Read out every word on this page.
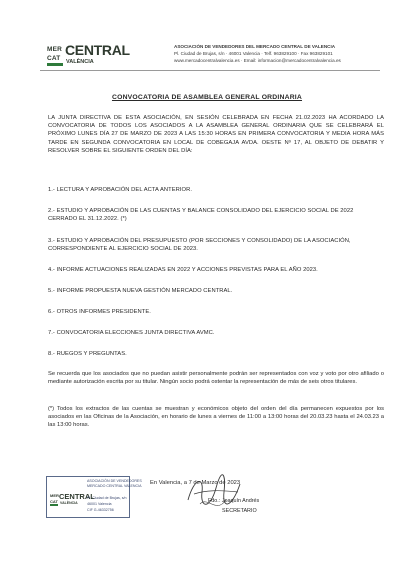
MER
CAT
CENTRAL
VALÈNCIA
ASOCIACIÓN DE VENDEDORES DEL MERCADO CENTRAL DE VALENCIA
Pl. Ciudad de Brujas, s/n · 46001 Valencia · Telf. 963829100 · Fax 963829101
www.mercadocentralvalencia.es · Email: informacion@mercadocentralvalencia.es
CONVOCATORIA DE ASAMBLEA GENERAL ORDINARIA
LA JUNTA DIRECTIVA DE ESTA ASOCIACIÓN, EN SESIÓN CELEBRADA EN FECHA 21.02.2023 HA ACORDADO LA CONVOCATORIA DE TODOS LOS ASOCIADOS A LA ASAMBLEA GENERAL ORDINARIA QUE SE CELEBRARÁ EL PRÓXIMO LUNES DÍA 27 DE MARZO DE 2023 A LAS 15:30 HORAS EN PRIMERA CONVOCATORIA Y MEDIA HORA MÁS TARDE EN SEGUNDA CONVOCATORIA EN LOCAL DE COBEGAJA AVDA. OESTE Nº 17, AL OBJETO DE DEBATIR Y RESOLVER SOBRE EL SIGUIENTE ORDEN DEL DÍA:
1.- LECTURA Y APROBACIÓN DEL ACTA ANTERIOR.
2.- ESTUDIO Y APROBACIÓN DE LAS CUENTAS Y BALANCE CONSOLIDADO DEL EJERCICIO SOCIAL DE 2022 CERRADO EL 31.12.2022. (*)
3.- ESTUDIO Y APROBACIÓN DEL PRESUPUESTO (POR SECCIONES Y CONSOLIDADO) DE LA ASOCIACIÓN, CORRESPONDIENTE AL EJERCICIO SOCIAL DE 2023.
4.- INFORME ACTUACIONES REALIZADAS EN 2022 Y ACCIONES PREVISTAS PARA EL AÑO 2023.
5.- INFORME PROPUESTA NUEVA GESTIÓN MERCADO CENTRAL.
6.- OTROS INFORMES PRESIDENTE.
7.- CONVOCATORIA ELECCIONES JUNTA DIRECTIVA AVMC.
8.- RUEGOS Y PREGUNTAS.
Se recuerda que los asociados que no puedan asistir personalmente podrán ser representados con voz y voto por otro afiliado o mediante autorización escrita por su titular. Ningún socio podrá ostentar la representación de más de seis otros titulares.
(*) Todos los extractos de las cuentas se muestran y económicos objeto del orden del día permanecen expuestos por los asociados en las Oficinas de la Asociación, en horario de lunes a viernes de 11:00 a 13:00 horas del 20.03.23 hasta el 24.03.23 a las 13:00 horas.
En Valencia, a 7 de Marzo de 2023
Fdo.: Joaquín Andrés
SECRETARIO
ASOCIACIÓN DE VENDEDORES
MERCADO CENTRAL VALENCIA
MER
CAT
CENTRAL
VALÈNCIA
Pl. Ciudad de Brujas, s/n
46001 Valencia
CIF G-46332756
